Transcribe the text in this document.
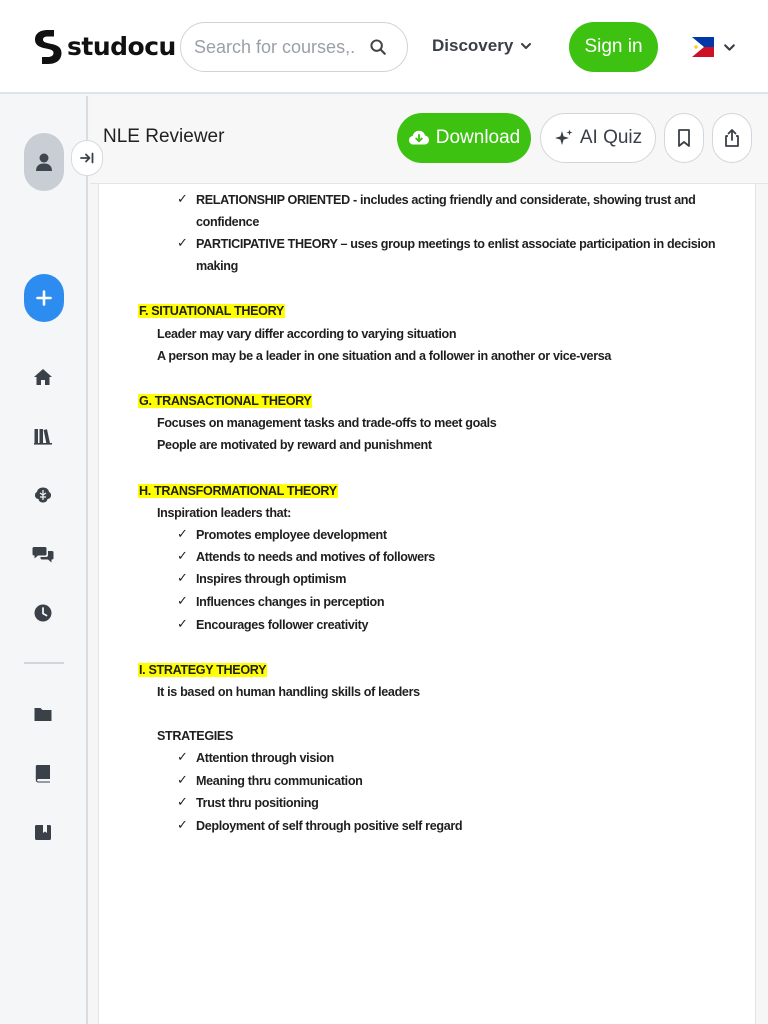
studocu
Search for courses,...	Discovery	Sign in
NLE Reviewer	Download	AI Quiz
✓ RELATIONSHIP ORIENTED - includes acting friendly and considerate, showing trust and
confidence
✓ PARTICIPATIVE THEORY – uses group meetings to enlist associate participation in decision
making
F. SITUATIONAL THEORY
Leader may vary differ according to varying situation
A person may be a leader in one situation and a follower in another or vice-versa
G. TRANSACTIONAL THEORY
Focuses on management tasks and trade-offs to meet goals
People are motivated by reward and punishment
H. TRANSFORMATIONAL THEORY
Inspiration leaders that:
✓ Promotes employee development
✓ Attends to needs and motives of followers
✓ Inspires through optimism
✓ Influences changes in perception
✓ Encourages follower creativity
I. STRATEGY THEORY
It is based on human handling skills of leaders
STRATEGIES
✓ Attention through vision
✓ Meaning thru communication
✓ Trust thru positioning
✓ Deployment of self through positive self regard
